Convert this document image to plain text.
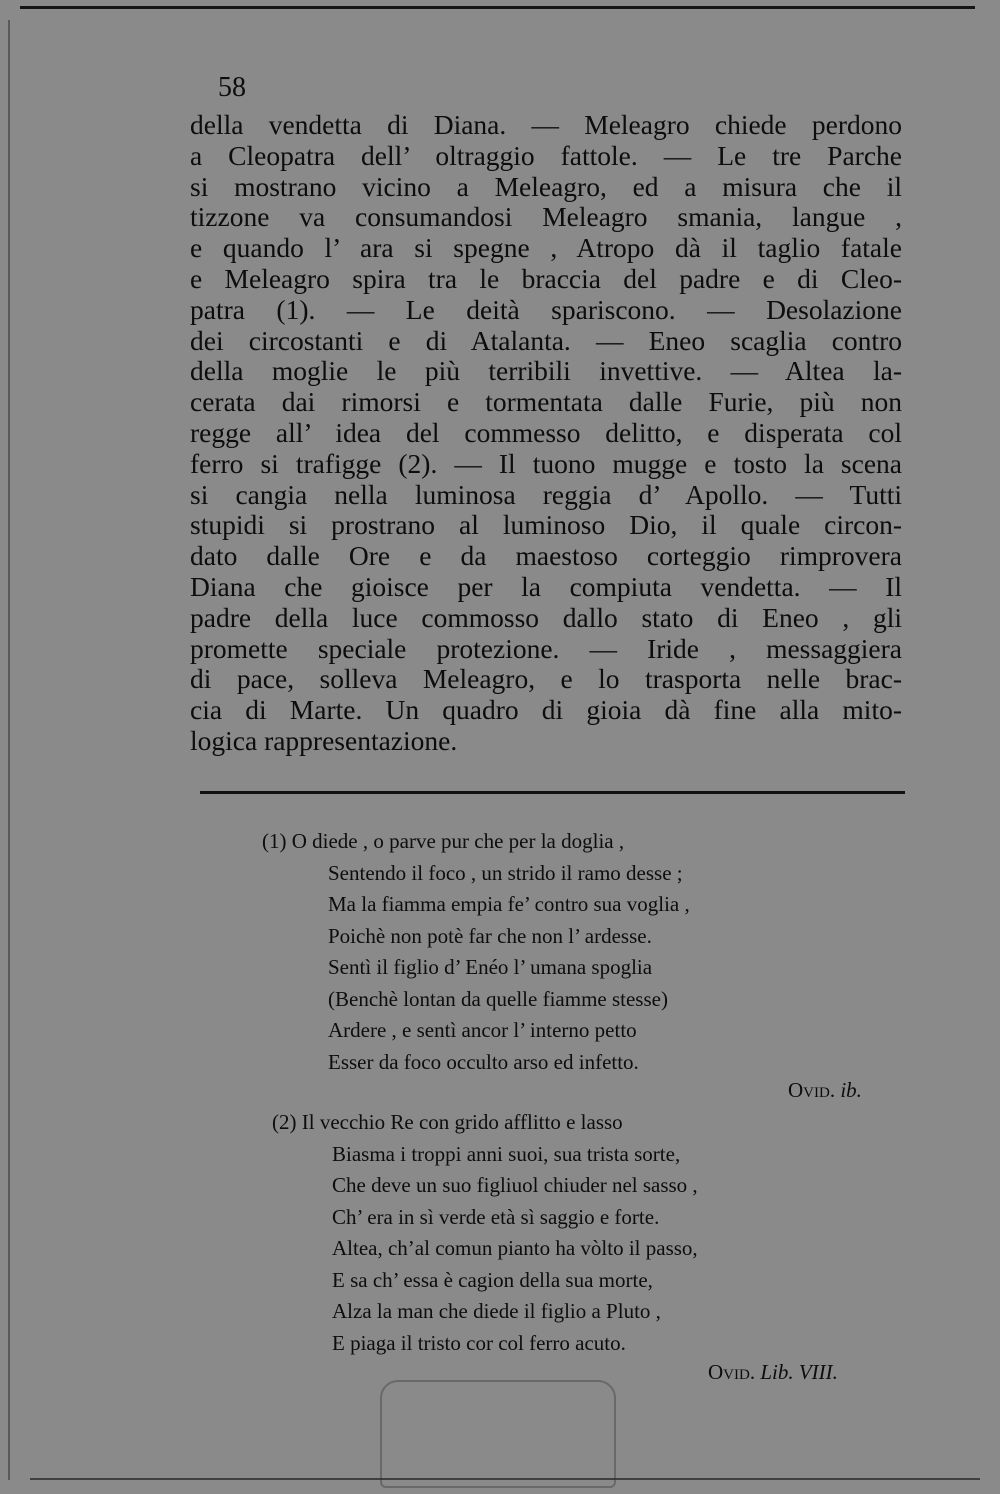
58
della vendetta di Diana. — Meleagro chiede perdono
a Cleopatra dell’ oltraggio fattole. — Le tre Parche
si mostrano vicino a Meleagro, ed a misura che il
tizzone va consumandosi Meleagro smania, langue ,
e quando l’ ara si spegne , Atropo dà il taglio fatale
e Meleagro spira tra le braccia del padre e di Cleo-
patra (1). — Le deità spariscono. — Desolazione
dei circostanti e di Atalanta. — Eneo scaglia contro
della moglie le più terribili invettive. — Altea la-
cerata dai rimorsi e tormentata dalle Furie, più non
regge all’ idea del commesso delitto, e disperata col
ferro si trafigge (2). — Il tuono mugge e tosto la scena
si cangia nella luminosa reggia d’ Apollo. — Tutti
stupidi si prostrano al luminoso Dio, il quale circon-
dato dalle Ore e da maestoso corteggio rimprovera
Diana che gioisce per la compiuta vendetta. — Il
padre della luce commosso dallo stato di Eneo , gli
promette speciale protezione. — Iride , messaggiera
di pace, solleva Meleagro, e lo trasporta nelle brac-
cia di Marte. Un quadro di gioia dà fine alla mito-
logica rappresentazione.
(1) O diede , o parve pur che per la doglia ,
Sentendo il foco , un strido il ramo desse ;
Ma la fiamma empia fe’ contro sua voglia ,
Poichè non potè far che non l’ ardesse.
Sentì il figlio d’ Enéo l’ umana spoglia
(Benchè lontan da quelle fiamme stesse)
Ardere , e sentì ancor l’ interno petto
Esser da foco occulto arso ed infetto.
Ovid. ib.
(2) Il vecchio Re con grido afflitto e lasso
Biasma i troppi anni suoi, sua trista sorte,
Che deve un suo figliuol chiuder nel sasso ,
Ch’ era in sì verde età sì saggio e forte.
Altea, ch’al comun pianto ha vòlto il passo,
E sa ch’ essa è cagion della sua morte,
Alza la man che diede il figlio a Pluto ,
E piaga il tristo cor col ferro acuto.
Ovid. Lib. VIII.
